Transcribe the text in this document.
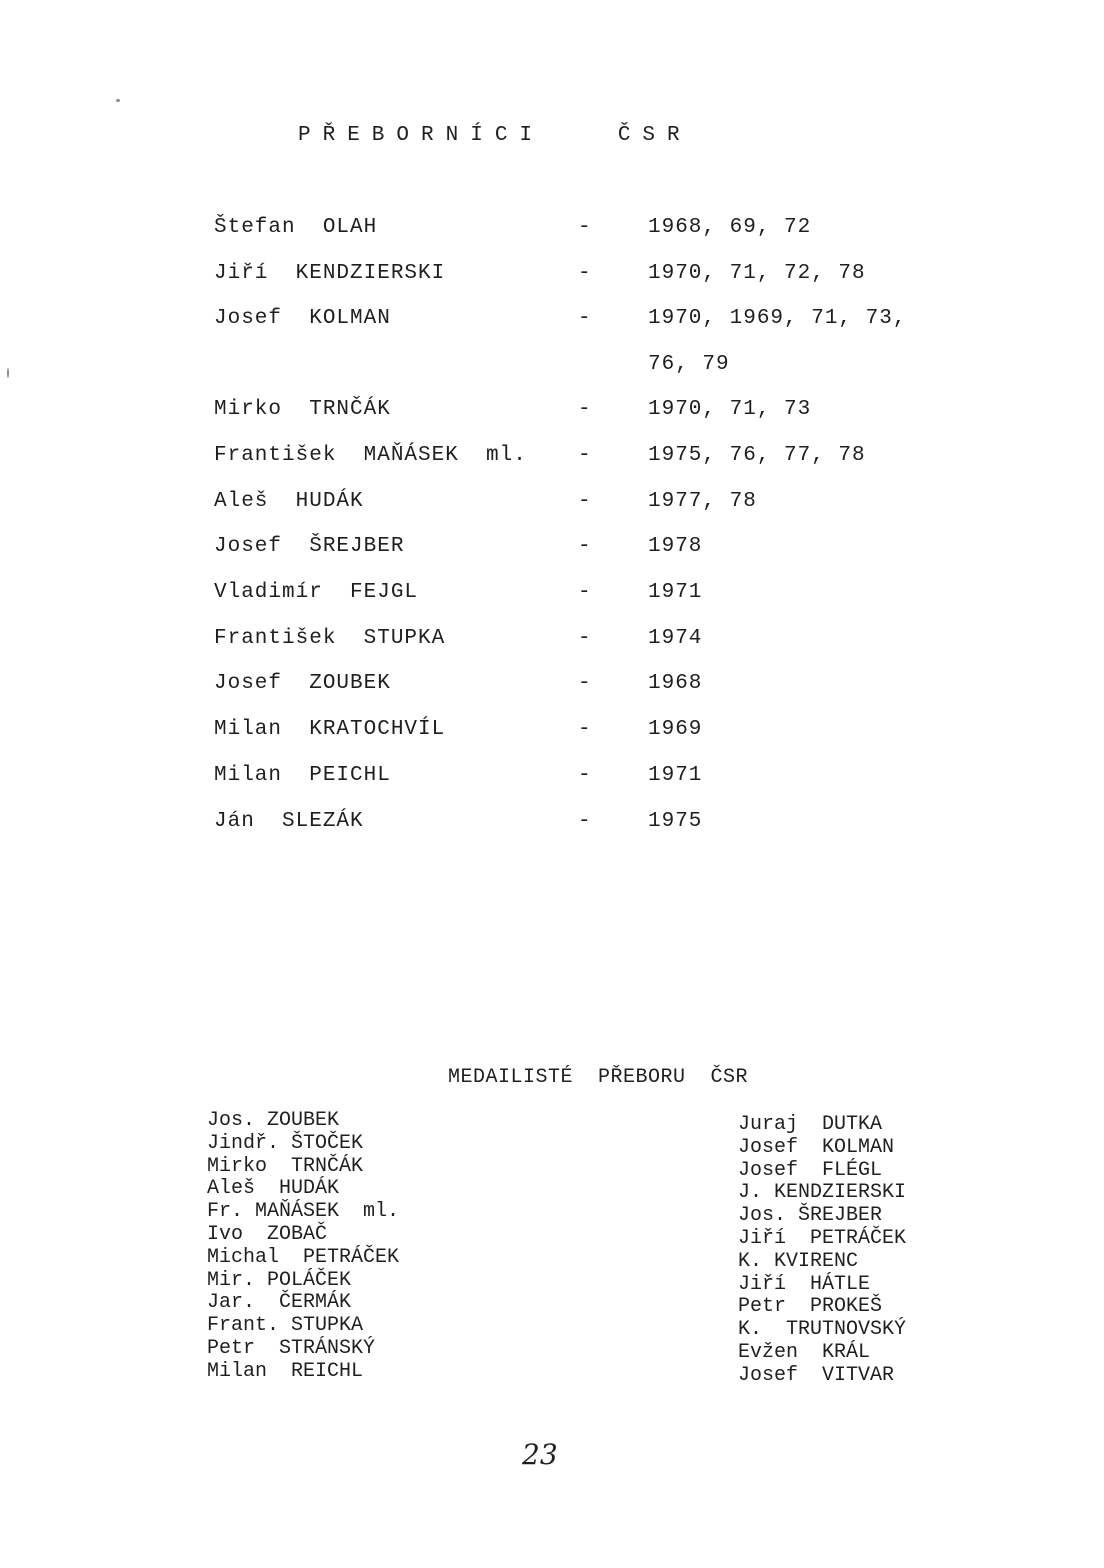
PŘEBORNÍCI   ČSR
Štefan  OLAH	-	1968, 69, 72
Jiří  KENDZIERSKI	-	1970, 71, 72, 78
Josef  KOLMAN	-	1970, 1969, 71, 73,
76, 79
Mirko  TRNČÁK	-	1970, 71, 73
František  MAŇÁSEK  ml. -	1975, 76, 77, 78
Aleš  HUDÁK	-	1977, 78
Josef  ŠREJBER	-	1978
Vladimír  FEJGL	-	1971
František  STUPKA	-	1974
Josef  ZOUBEK	-	1968
Milan  KRATOCHVÍL	-	1969
Milan  PEICHL	-	1971
Ján  SLEZÁK	-	1975
MEDAILISTÉ  PŘEBORU  ČSR
Jos. ZOUBEK
Jindř. ŠTOČEK
Mirko  TRNČÁK
Aleš  HUDÁK
Fr. MAŇÁSEK  ml.
Ivo  ZOBAČ
Michal  PETRÁČEK
Mir. POLÁČEK
Jar.  ČERMÁK
Frant. STUPKA
Petr  STRÁNSKÝ
Milan  REICHL
Juraj  DUTKA
Josef  KOLMAN
Josef  FLÉGL
J. KENDZIERSKI
Jos. ŠREJBER
Jiří  PETRÁČEK
K. KVIRENC
Jiří  HÁTLE
Petr  PROKEŠ
K.  TRUTNOVSKÝ
Evžen  KRÁL
Josef  VITVAR
23
